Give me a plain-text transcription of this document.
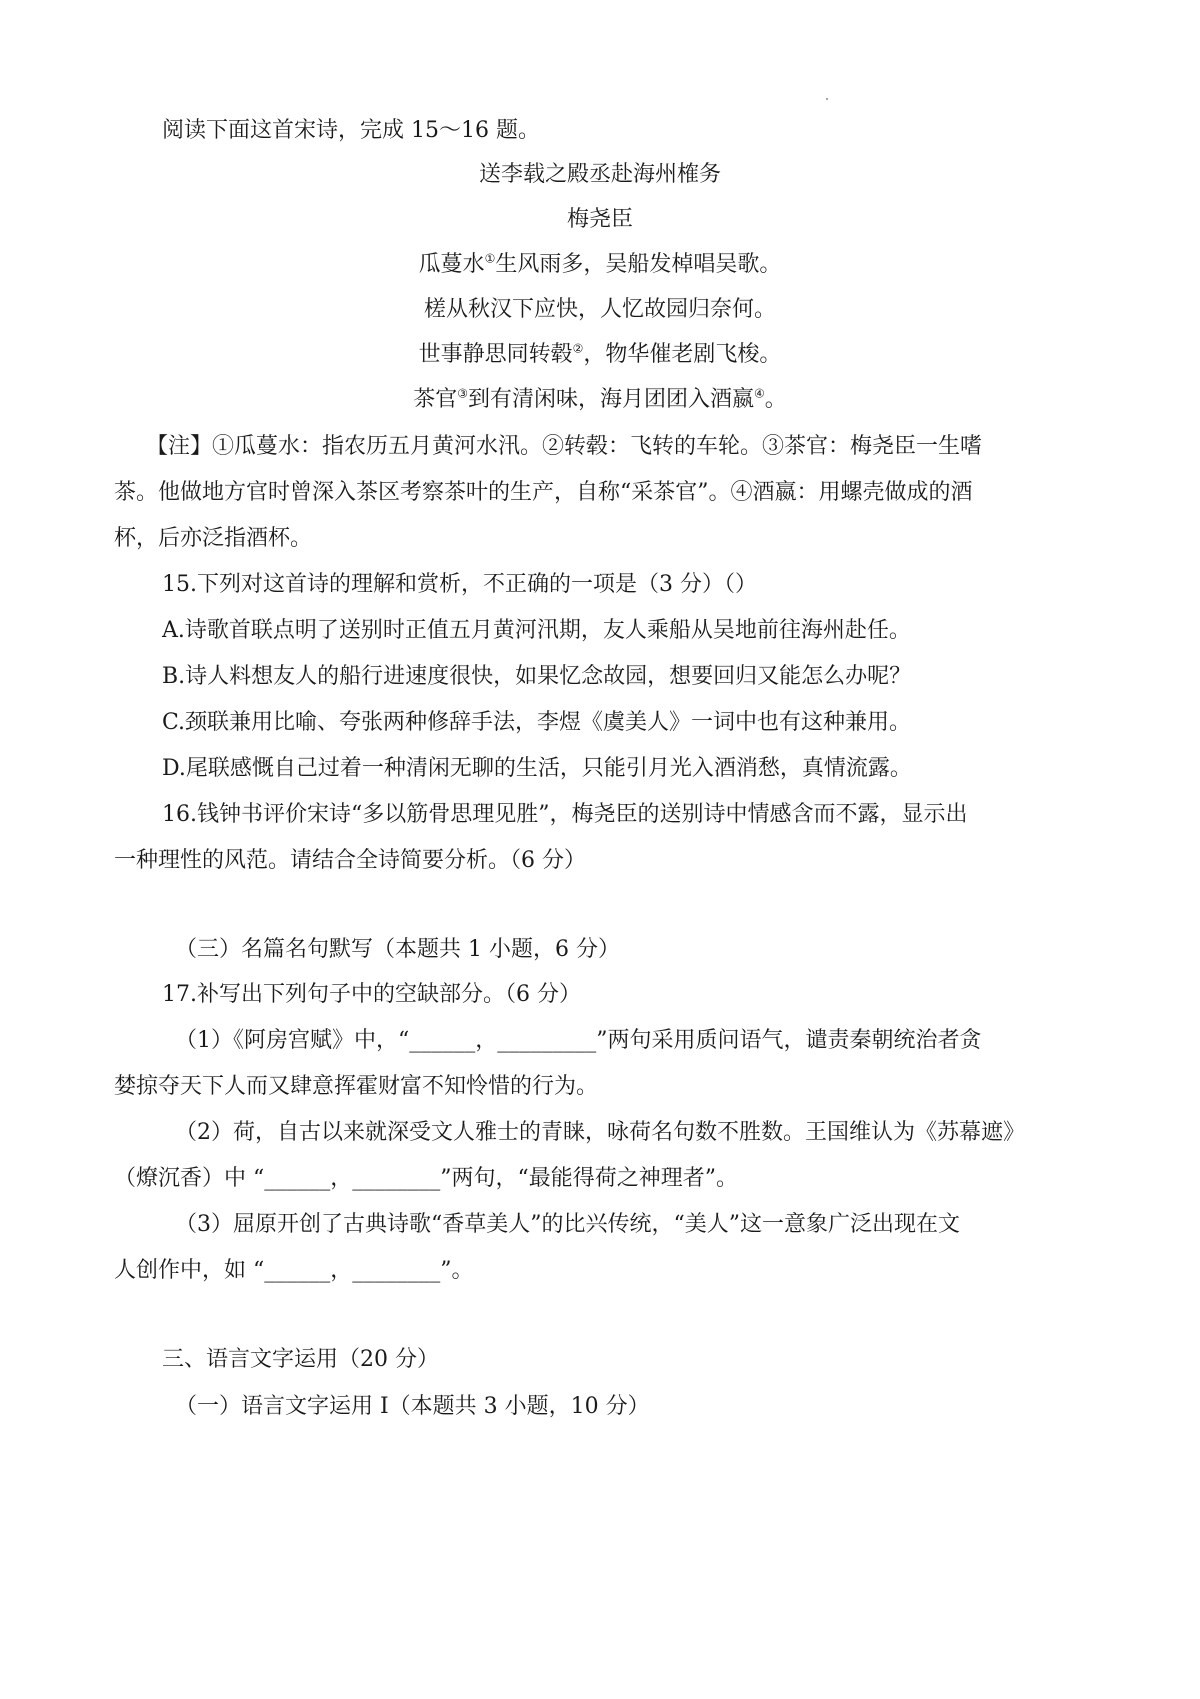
阅读下面这首宋诗，完成 15～16 题。

送李载之殿丞赴海州榷务

梅尧臣

瓜蔓水①生风雨多，吴船发棹唱吴歌。

槎从秋汉下应快，人忆故园归奈何。

世事静思同转毂②，物华催老剧飞梭。

茶官③到有清闲味，海月团团入酒嬴④。

【注】①瓜蔓水：指农历五月黄河水汛。②转毂：飞转的车轮。③茶官：梅尧臣一生嗜

茶。他做地方官时曾深入茶区考察茶叶的生产，自称“采茶官”。④酒嬴：用螺壳做成的酒

杯，后亦泛指酒杯。

15.下列对这首诗的理解和赏析，不正确的一项是（3 分）（）

A.诗歌首联点明了送别时正值五月黄河汛期，友人乘船从吴地前往海州赴任。

B.诗人料想友人的船行进速度很快，如果忆念故园，想要回归又能怎么办呢？

C.颈联兼用比喻、夸张两种修辞手法，李煜《虞美人》一词中也有这种兼用。

D.尾联感慨自己过着一种清闲无聊的生活，只能引月光入酒消愁，真情流露。

16.钱钟书评价宋诗“多以筋骨思理见胜”，梅尧臣的送别诗中情感含而不露，显示出

一种理性的风范。请结合全诗简要分析。（6 分）

（三）名篇名句默写（本题共 1 小题，6 分）

17.补写出下列句子中的空缺部分。（6 分）

（1）《阿房宫赋》中，“______，_________”两句采用质问语气，谴责秦朝统治者贪

婪掠夺天下人而又肆意挥霍财富不知怜惜的行为。

（2）荷，自古以来就深受文人雅士的青睐，咏荷名句数不胜数。王国维认为《苏幕遮》

（燎沉香）中 “______，________”两句，“最能得荷之神理者”。

（3）屈原开创了古典诗歌“香草美人”的比兴传统，“美人”这一意象广泛出现在文

人创作中，如 “______，________”。

三、语言文字运用（20 分）

（一）语言文字运用 I（本题共 3 小题，10 分）
